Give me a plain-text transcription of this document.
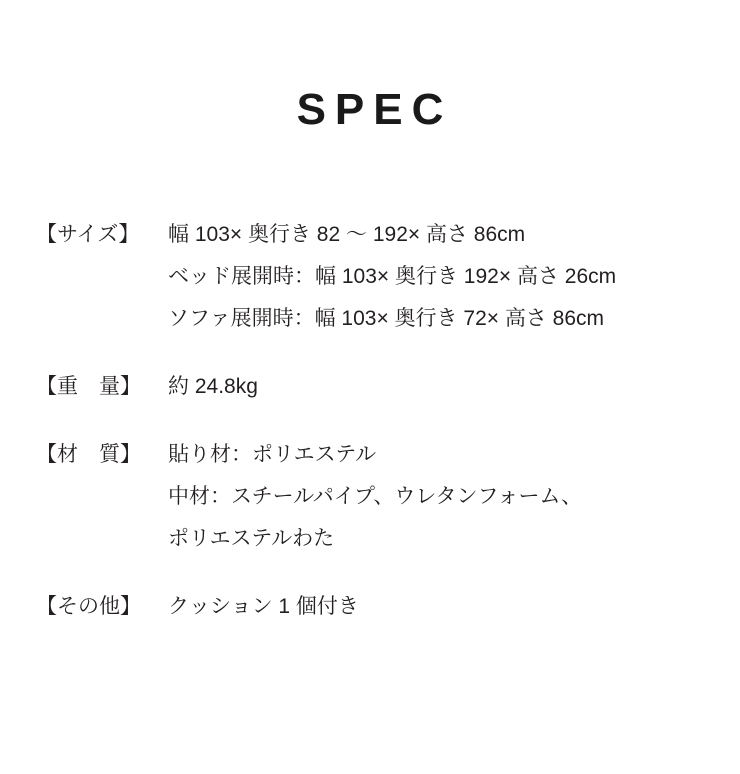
SPEC
【サイズ】	幅 103× 奥行き 82 〜 192× 高さ 86cm
ベッド展開時：幅 103× 奥行き 192× 高さ 26cm
ソファ展開時：幅 103× 奥行き 72× 高さ 86cm
【重　量】	約 24.8kg
【材　質】	貼り材：ポリエステル
中材：スチールパイプ、ウレタンフォーム、
ポリエステルわた
【その他】	クッション 1 個付き
